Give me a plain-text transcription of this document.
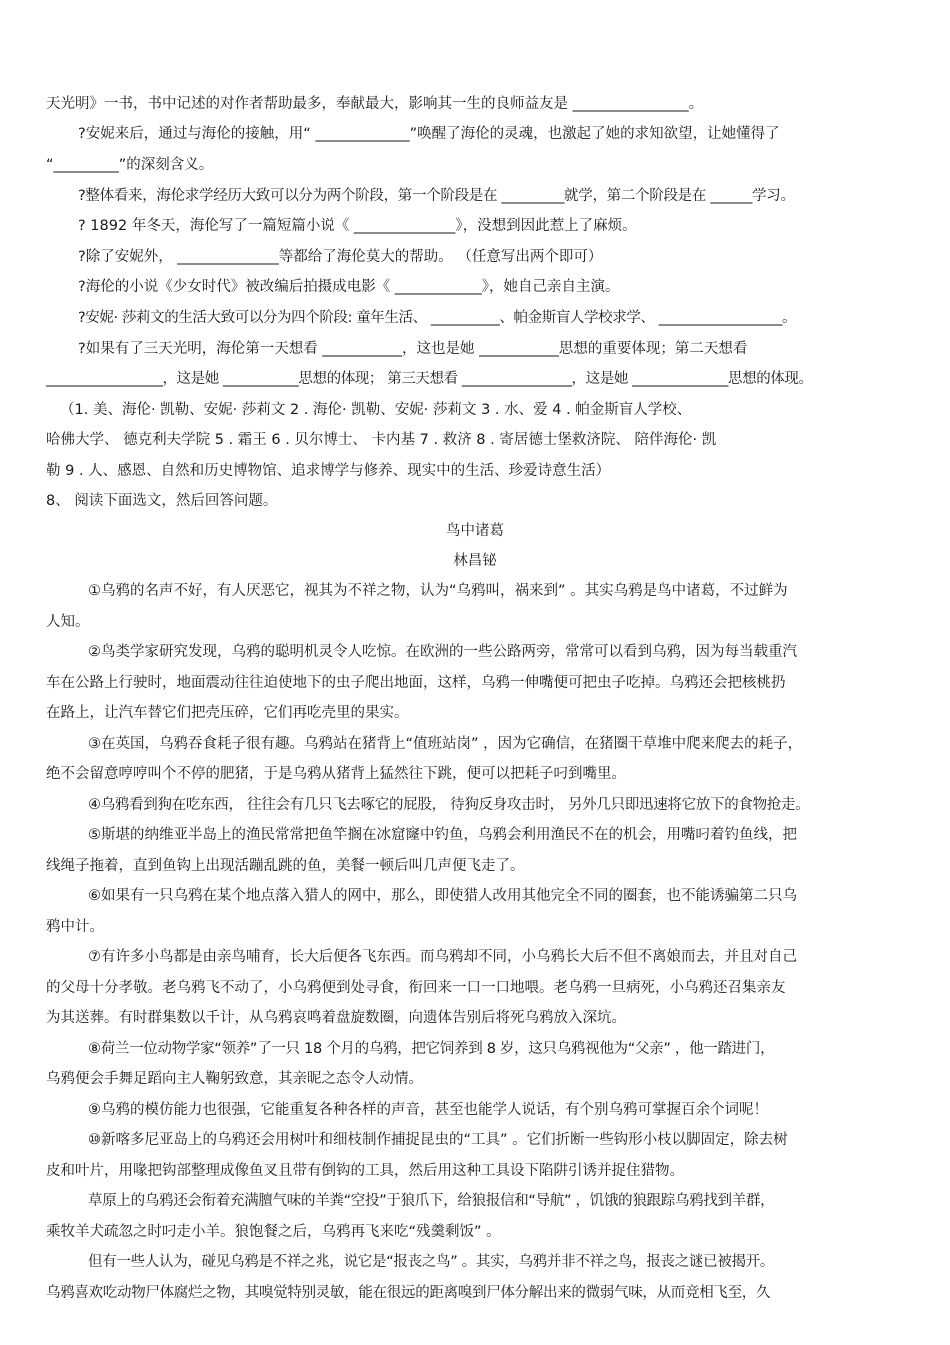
天光明》一书，书中记述的对作者帮助最多，奉献最大，影响其一生的良师益友是 ________________。
?安妮来后，通过与海伦的接触，用“ _____________”唤醒了海伦的灵魂，也激起了她的求知欲望，让她懂得了
“_________”的深刻含义。
?整体看来，海伦求学经历大致可以分为两个阶段，第一个阶段是在 _________就学，第二个阶段是在 ______学习。
? 1892 年冬天，海伦写了一篇短篇小说《 ______________》，没想到因此惹上了麻烦。
?除了安妮外， ______________等都给了海伦莫大的帮助。 （任意写出两个即可）
?海伦的小说《少女时代》被改编后拍摄成电影《 ____________》，她自己亲自主演。
?安妮· 莎莉文的生活大致可以分为四个阶段: 童年生活、 __________、帕金斯盲人学校求学、 __________________。
?如果有了三天光明，海伦第一天想看 ___________，这也是她 ___________思想的重要体现；第二天想看
_________________，这是她 ___________思想的体现； 第三天想看 ________________，这是她 ______________思想的体现。
（1. 美、海伦· 凯勒、安妮· 莎莉文 2 . 海伦· 凯勒、安妮· 莎莉文 3 . 水、爱 4 . 帕金斯盲人学校、
哈佛大学、 德克利夫学院 5 . 霜王 6 . 贝尔博士、 卡内基 7 . 救济 8 . 寄居德士堡救济院、 陪伴海伦· 凯
勒 9 . 人、感恩、自然和历史博物馆、追求博学与修养、现实中的生活、珍爱诗意生活）
8、 阅读下面选文，然后回答问题。
鸟中诸葛
林昌铋
①乌鸦的名声不好，有人厌恶它，视其为不祥之物，认为“乌鸦叫，祸来到” 。其实乌鸦是鸟中诸葛，不过鲜为
人知。
②鸟类学家研究发现，乌鸦的聪明机灵令人吃惊。在欧洲的一些公路两旁，常常可以看到乌鸦，因为每当载重汽
车在公路上行驶时，地面震动往往迫使地下的虫子爬出地面，这样，乌鸦一伸嘴便可把虫子吃掉。乌鸦还会把核桃扔
在路上，让汽车替它们把壳压碎，它们再吃壳里的果实。
③在英国，乌鸦吞食耗子很有趣。乌鸦站在猪背上“值班站岗” ，因为它确信，在猪圈干草堆中爬来爬去的耗子，
绝不会留意哼哼叫个不停的肥猪，于是乌鸦从猪背上猛然往下跳，便可以把耗子叼到嘴里。
④乌鸦看到狗在吃东西， 往往会有几只飞去啄它的屁股， 待狗反身攻击时， 另外几只即迅速将它放下的食物抢走。
⑤斯堪的纳维亚半岛上的渔民常常把鱼竿搁在冰窟窿中钓鱼，乌鸦会利用渔民不在的机会，用嘴叼着钓鱼线，把
线绳子拖着，直到鱼钩上出现活蹦乱跳的鱼，美餐一顿后叫几声便飞走了。
⑥如果有一只乌鸦在某个地点落入猎人的网中，那么，即使猎人改用其他完全不同的圈套，也不能诱骗第二只乌
鸦中计。
⑦有许多小鸟都是由亲鸟哺育，长大后便各飞东西。而乌鸦却不同，小乌鸦长大后不但不离娘而去，并且对自己
的父母十分孝敬。老乌鸦飞不动了，小乌鸦便到处寻食，衔回来一口一口地喂。老乌鸦一旦病死，小乌鸦还召集亲友
为其送葬。有时群集数以千计，从乌鸦哀鸣着盘旋数圈，向遗体告别后将死乌鸦放入深坑。
⑧荷兰一位动物学家“领养”了一只 18 个月的乌鸦，把它饲养到 8 岁，这只乌鸦视他为“父亲” ，他一踏进门，
乌鸦便会手舞足蹈向主人鞠躬致意，其亲昵之态令人动情。
⑨乌鸦的模仿能力也很强，它能重复各种各样的声音，甚至也能学人说话，有个别乌鸦可掌握百余个词呢！
⑩新喀多尼亚岛上的乌鸦还会用树叶和细枝制作捕捉昆虫的“工具” 。它们折断一些钩形小枝以脚固定，除去树
皮和叶片，用喙把钩部整理成像鱼叉且带有倒钩的工具，然后用这种工具设下陷阱引诱并捉住猎物。
草原上的乌鸦还会衔着充满膻气味的羊粪“空投”于狼爪下，给狼报信和“导航” ，饥饿的狼跟踪乌鸦找到羊群，
乘牧羊犬疏忽之时叼走小羊。狼饱餐之后，乌鸦再飞来吃“残羹剩饭” 。
但有一些人认为，碰见乌鸦是不祥之兆，说它是“报丧之鸟” 。其实，乌鸦并非不祥之鸟，报丧之谜已被揭开。
乌鸦喜欢吃动物尸体腐烂之物，其嗅觉特别灵敏，能在很远的距离嗅到尸体分解出来的微弱气味，从而竞相飞至，久
